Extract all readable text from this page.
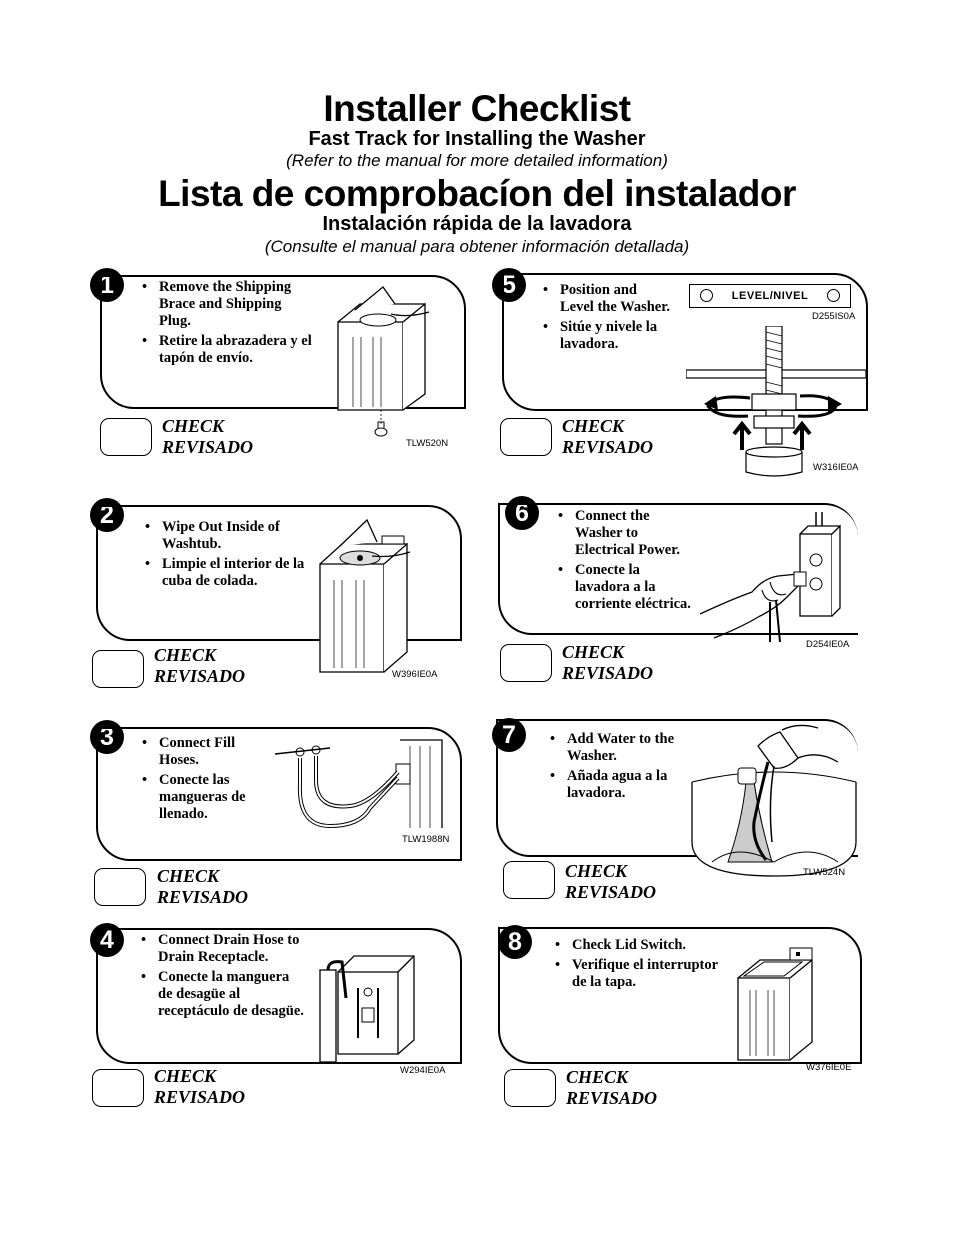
Installer Checklist
Fast Track for Installing the Washer
(Refer to the manual for more detailed information)
Lista de comprobacíon del instalador
Instalación rápida de la lavadora
(Consulte el manual para obtener información detallada)
1	• Remove the Shipping Brace and Shipping Plug.
• Retire la abrazadera y el tapón de envío.
TLW520N
CHECK
REVISADO
2	• Wipe Out Inside of Washtub.
• Limpie el interior de la cuba de colada.
W396IE0A
CHECK
REVISADO
3	• Connect Fill Hoses.
• Conecte las mangueras de llenado.
TLW1988N
CHECK
REVISADO
4	• Connect Drain Hose to Drain Receptacle.
• Conecte la manguera de desagüe al receptáculo de desagüe.
W294IE0A
CHECK
REVISADO
5	• Position and Level the Washer.
• Sitúe y nivele la lavadora.
LEVEL/NIVEL
D255IS0A
W316IE0A
CHECK
REVISADO
6	• Connect the Washer to Electrical Power.
• Conecte la lavadora a la corriente eléctrica.
D254IE0A
CHECK
REVISADO
7	• Add Water to the Washer.
• Añada agua a la lavadora.
TLW524N
CHECK
REVISADO
8	• Check Lid Switch.
• Verifique el interruptor de la tapa.
W376IE0E
CHECK
REVISADO
